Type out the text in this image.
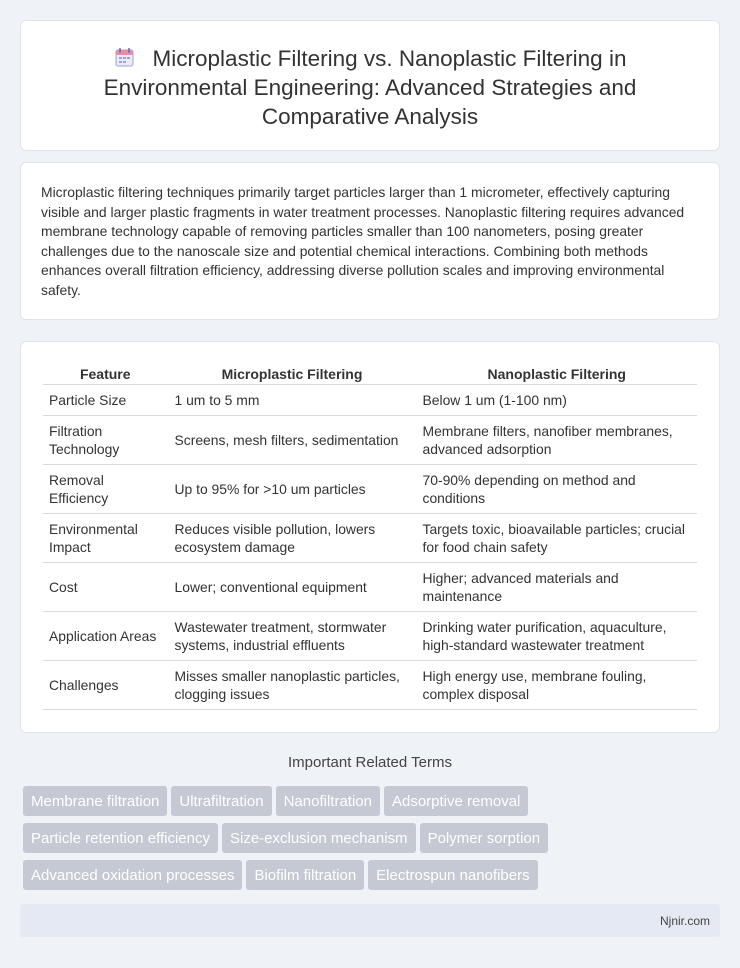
Microplastic Filtering vs. Nanoplastic Filtering in Environmental Engineering: Advanced Strategies and Comparative Analysis

Microplastic filtering techniques primarily target particles larger than 1 micrometer, effectively capturing visible and larger plastic fragments in water treatment processes. Nanoplastic filtering requires advanced membrane technology capable of removing particles smaller than 100 nanometers, posing greater challenges due to the nanoscale size and potential chemical interactions. Combining both methods enhances overall filtration efficiency, addressing diverse pollution scales and improving environmental safety.

Feature	Microplastic Filtering	Nanoplastic Filtering
Particle Size	1 um to 5 mm	Below 1 um (1-100 nm)
Filtration Technology	Screens, mesh filters, sedimentation	Membrane filters, nanofiber membranes, advanced adsorption
Removal Efficiency	Up to 95% for >10 um particles	70-90% depending on method and conditions
Environmental Impact	Reduces visible pollution, lowers ecosystem damage	Targets toxic, bioavailable particles; crucial for food chain safety
Cost	Lower; conventional equipment	Higher; advanced materials and maintenance
Application Areas	Wastewater treatment, stormwater systems, industrial effluents	Drinking water purification, aquaculture, high-standard wastewater treatment
Challenges	Misses smaller nanoplastic particles, clogging issues	High energy use, membrane fouling, complex disposal
Important Related Terms
Membrane filtration Ultrafiltration Nanofiltration Adsorptive removal
Particle retention efficiency Size-exclusion mechanism Polymer sorption
Advanced oxidation processes Biofilm filtration Electrospun nanofibers
Njnir.com
